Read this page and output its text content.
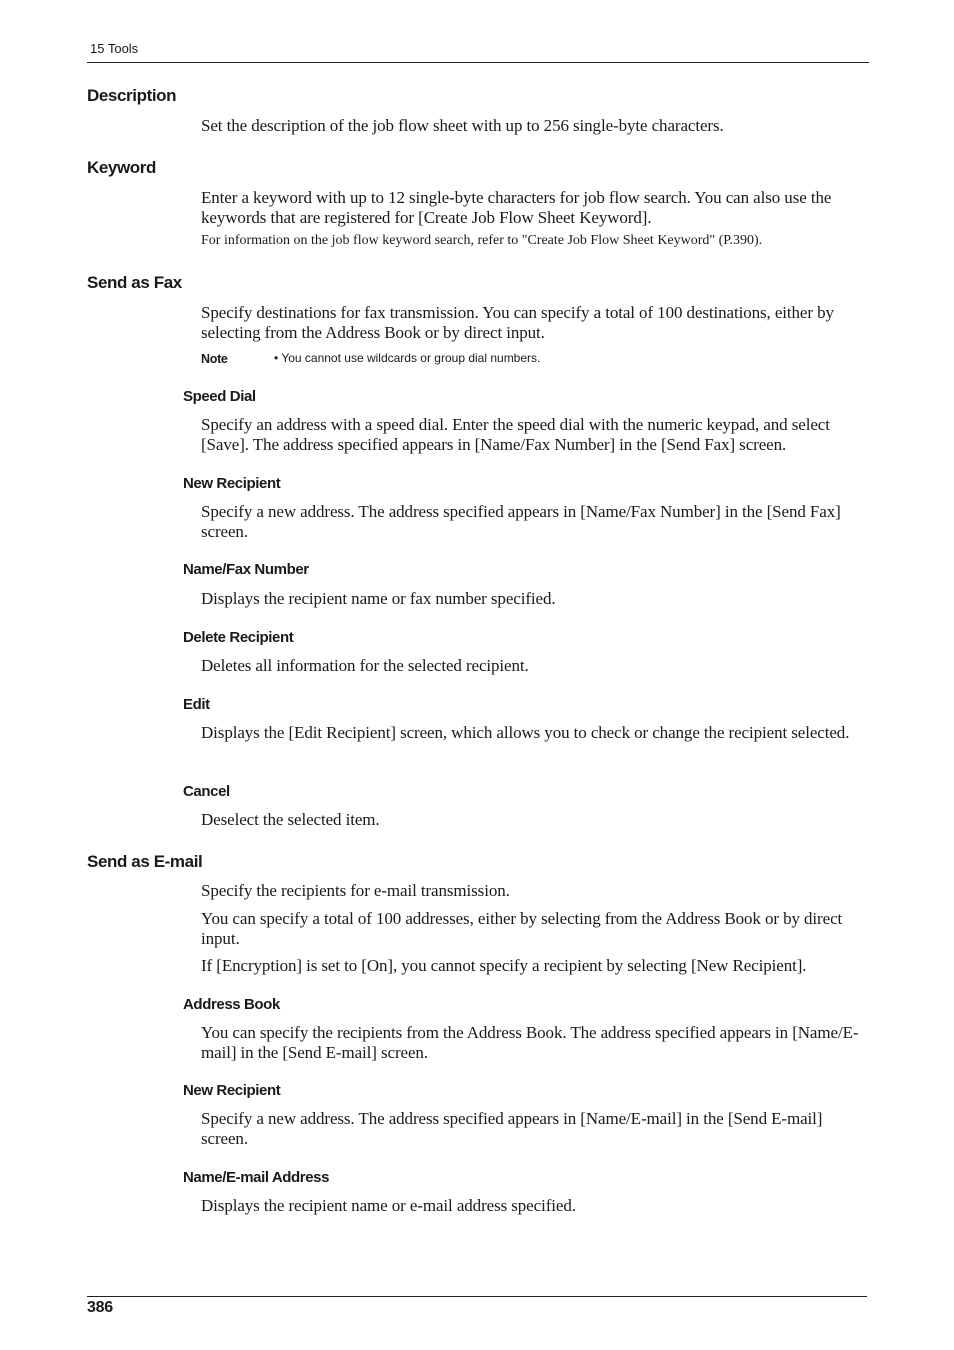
15 Tools
Description
Set the description of the job flow sheet with up to 256 single-byte characters.
Keyword
Enter a keyword with up to 12 single-byte characters for job flow search. You can also use the keywords that are registered for [Create Job Flow Sheet Keyword].
For information on the job flow keyword search, refer to "Create Job Flow Sheet Keyword" (P.390).
Send as Fax
Specify destinations for fax transmission. You can specify a total of 100 destinations, either by selecting from the Address Book or by direct input.
Note	• You cannot use wildcards or group dial numbers.
Speed Dial
Specify an address with a speed dial. Enter the speed dial with the numeric keypad, and select [Save]. The address specified appears in [Name/Fax Number] in the [Send Fax] screen.
New Recipient
Specify a new address. The address specified appears in [Name/Fax Number] in the [Send Fax] screen.
Name/Fax Number
Displays the recipient name or fax number specified.
Delete Recipient
Deletes all information for the selected recipient.
Edit
Displays the [Edit Recipient] screen, which allows you to check or change the recipient selected.
Cancel
Deselect the selected item.
Send as E-mail
Specify the recipients for e-mail transmission.
You can specify a total of 100 addresses, either by selecting from the Address Book or by direct input.
If [Encryption] is set to [On], you cannot specify a recipient by selecting [New Recipient].
Address Book
You can specify the recipients from the Address Book. The address specified appears in [Name/E-mail] in the [Send E-mail] screen.
New Recipient
Specify a new address. The address specified appears in [Name/E-mail] in the [Send E-mail] screen.
Name/E-mail Address
Displays the recipient name or e-mail address specified.
386
